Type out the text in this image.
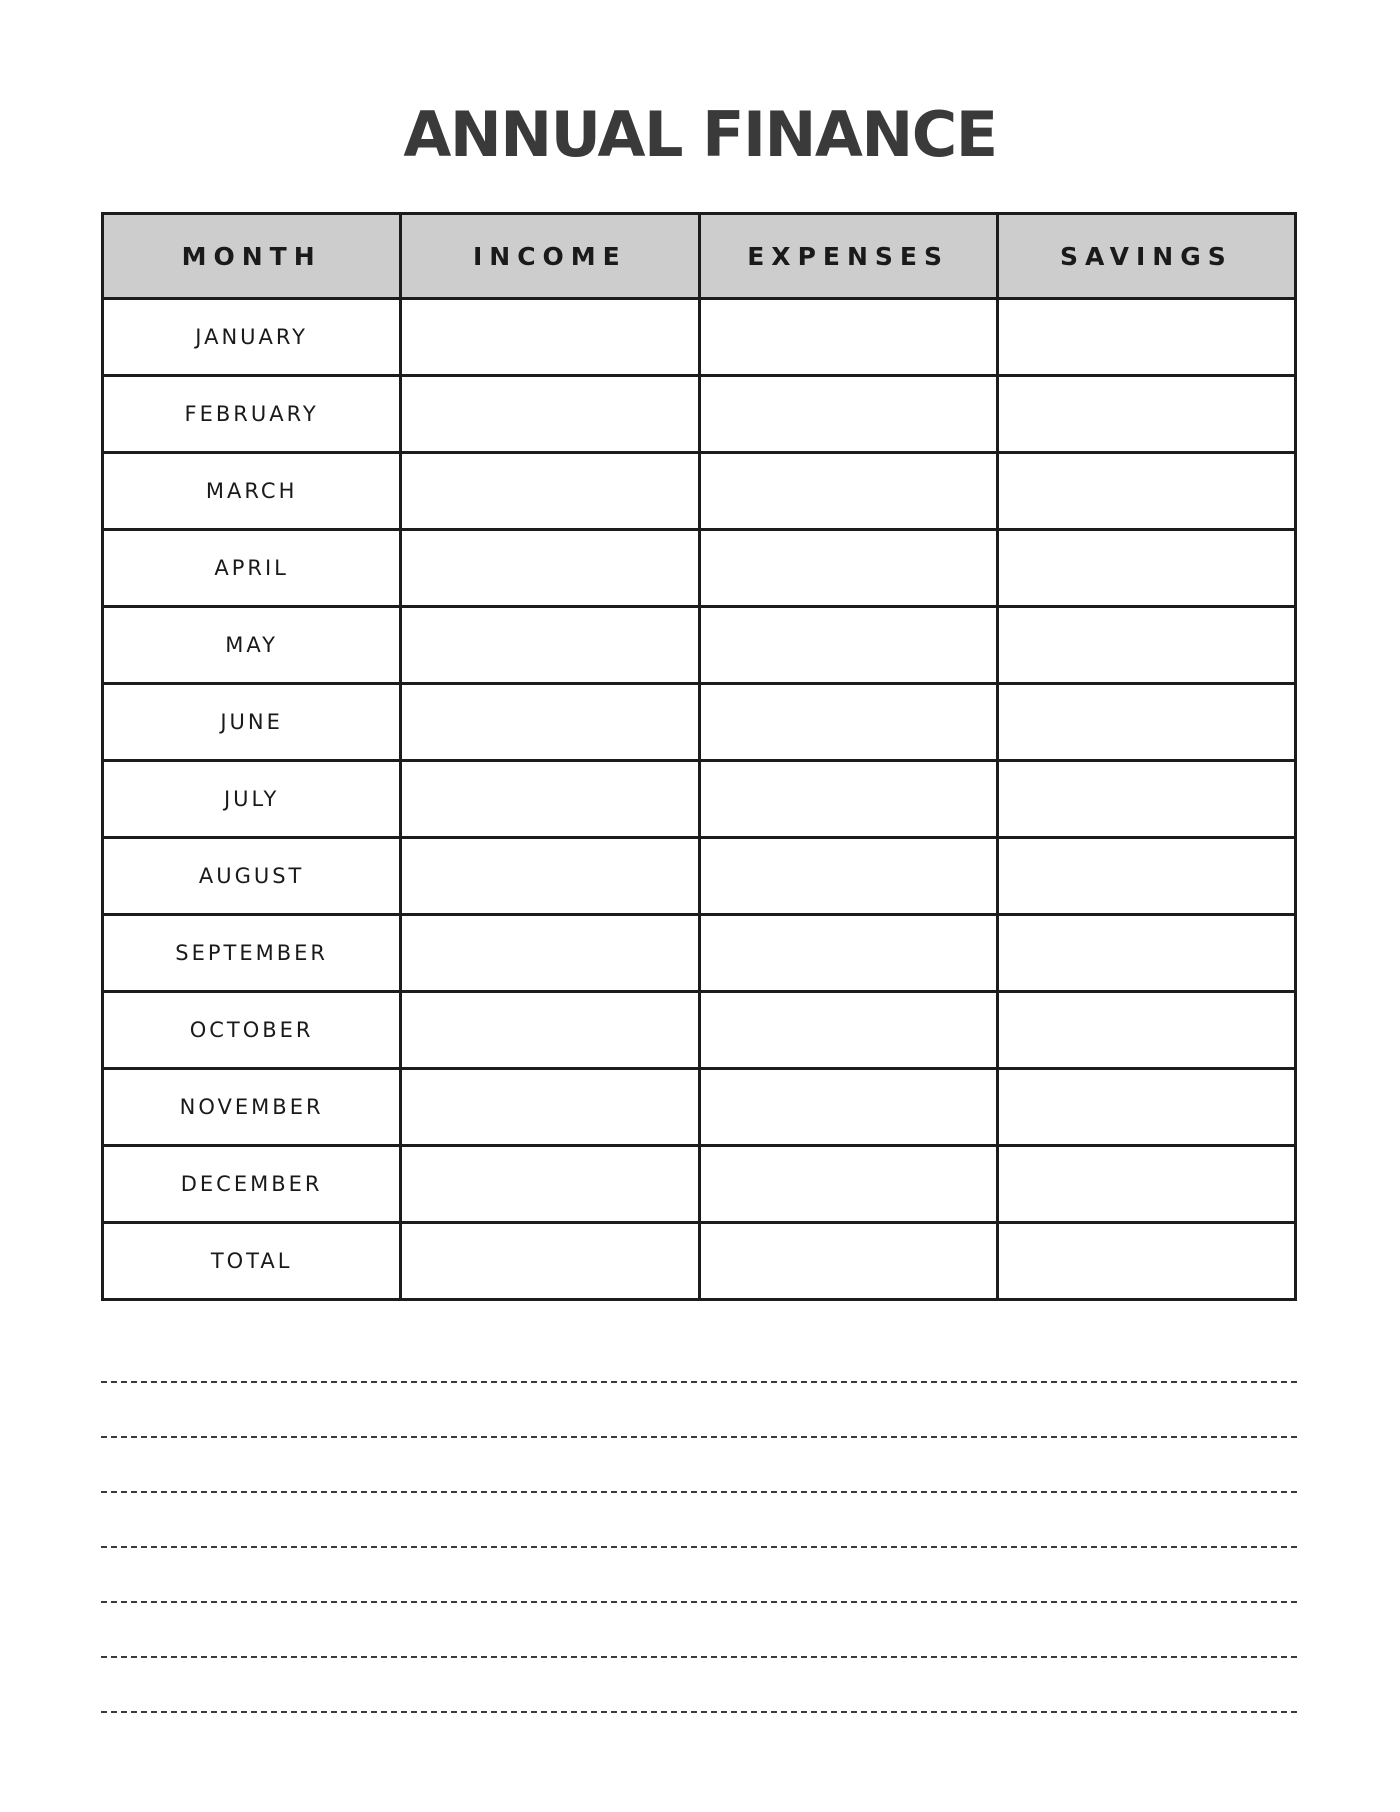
ANNUAL FINANCE
MONTH	INCOME	EXPENSES	SAVINGS
JANUARY			
FEBRUARY			
MARCH			
APRIL			
MAY			
JUNE			
JULY			
AUGUST			
SEPTEMBER			
OCTOBER			
NOVEMBER			
DECEMBER			
TOTAL			
